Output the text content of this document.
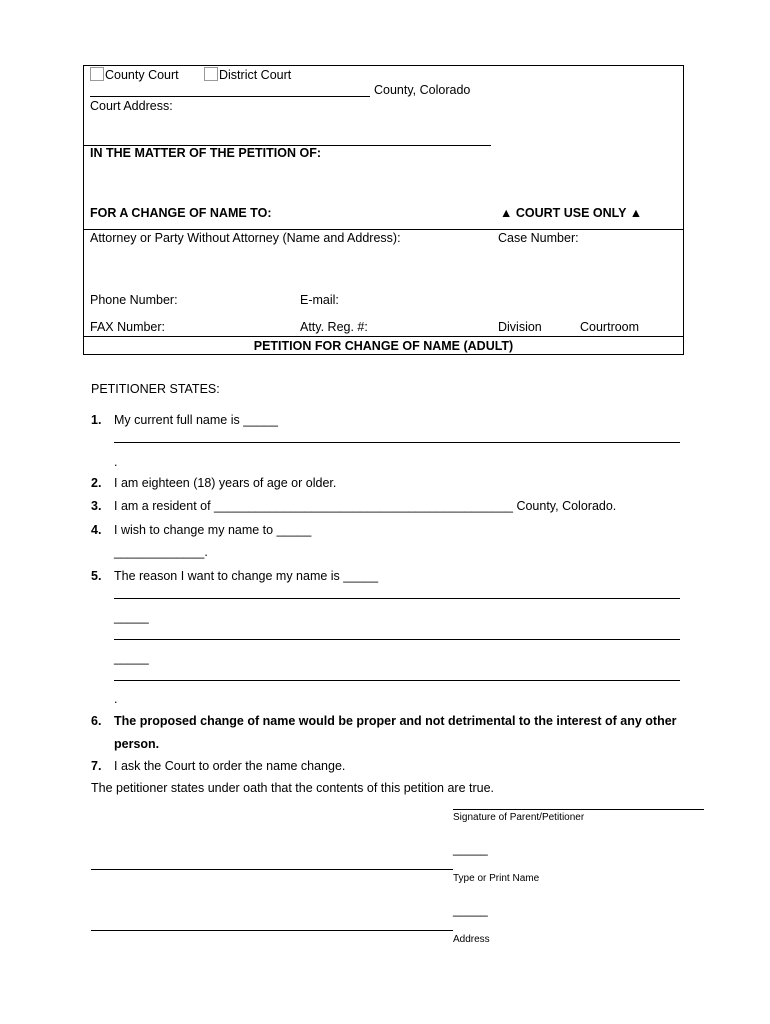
County Court	District Court
County, Colorado
Court Address:
IN THE MATTER OF THE PETITION OF:
FOR A CHANGE OF NAME TO:	▲ COURT USE ONLY ▲
Attorney or Party Without Attorney (Name and Address):	Case Number:
Phone Number:	E-mail:
FAX Number:	Atty. Reg. #:	Division	Courtroom
PETITION FOR CHANGE OF NAME (ADULT)
PETITIONER STATES:
1. My current full name is _____
.
2. I am eighteen (18) years of age or older.
3. I am a resident of ___________________________________________ County, Colorado.
4. I wish to change my name to _____
_____________.
5. The reason I want to change my name is _____
_____
_____
.
6. The proposed change of name would be proper and not detrimental to the interest of any other
person.
7. I ask the Court to order the name change.
The petitioner states under oath that the contents of this petition are true.
Signature of Parent/Petitioner
_____
Type or Print Name
_____
Address
